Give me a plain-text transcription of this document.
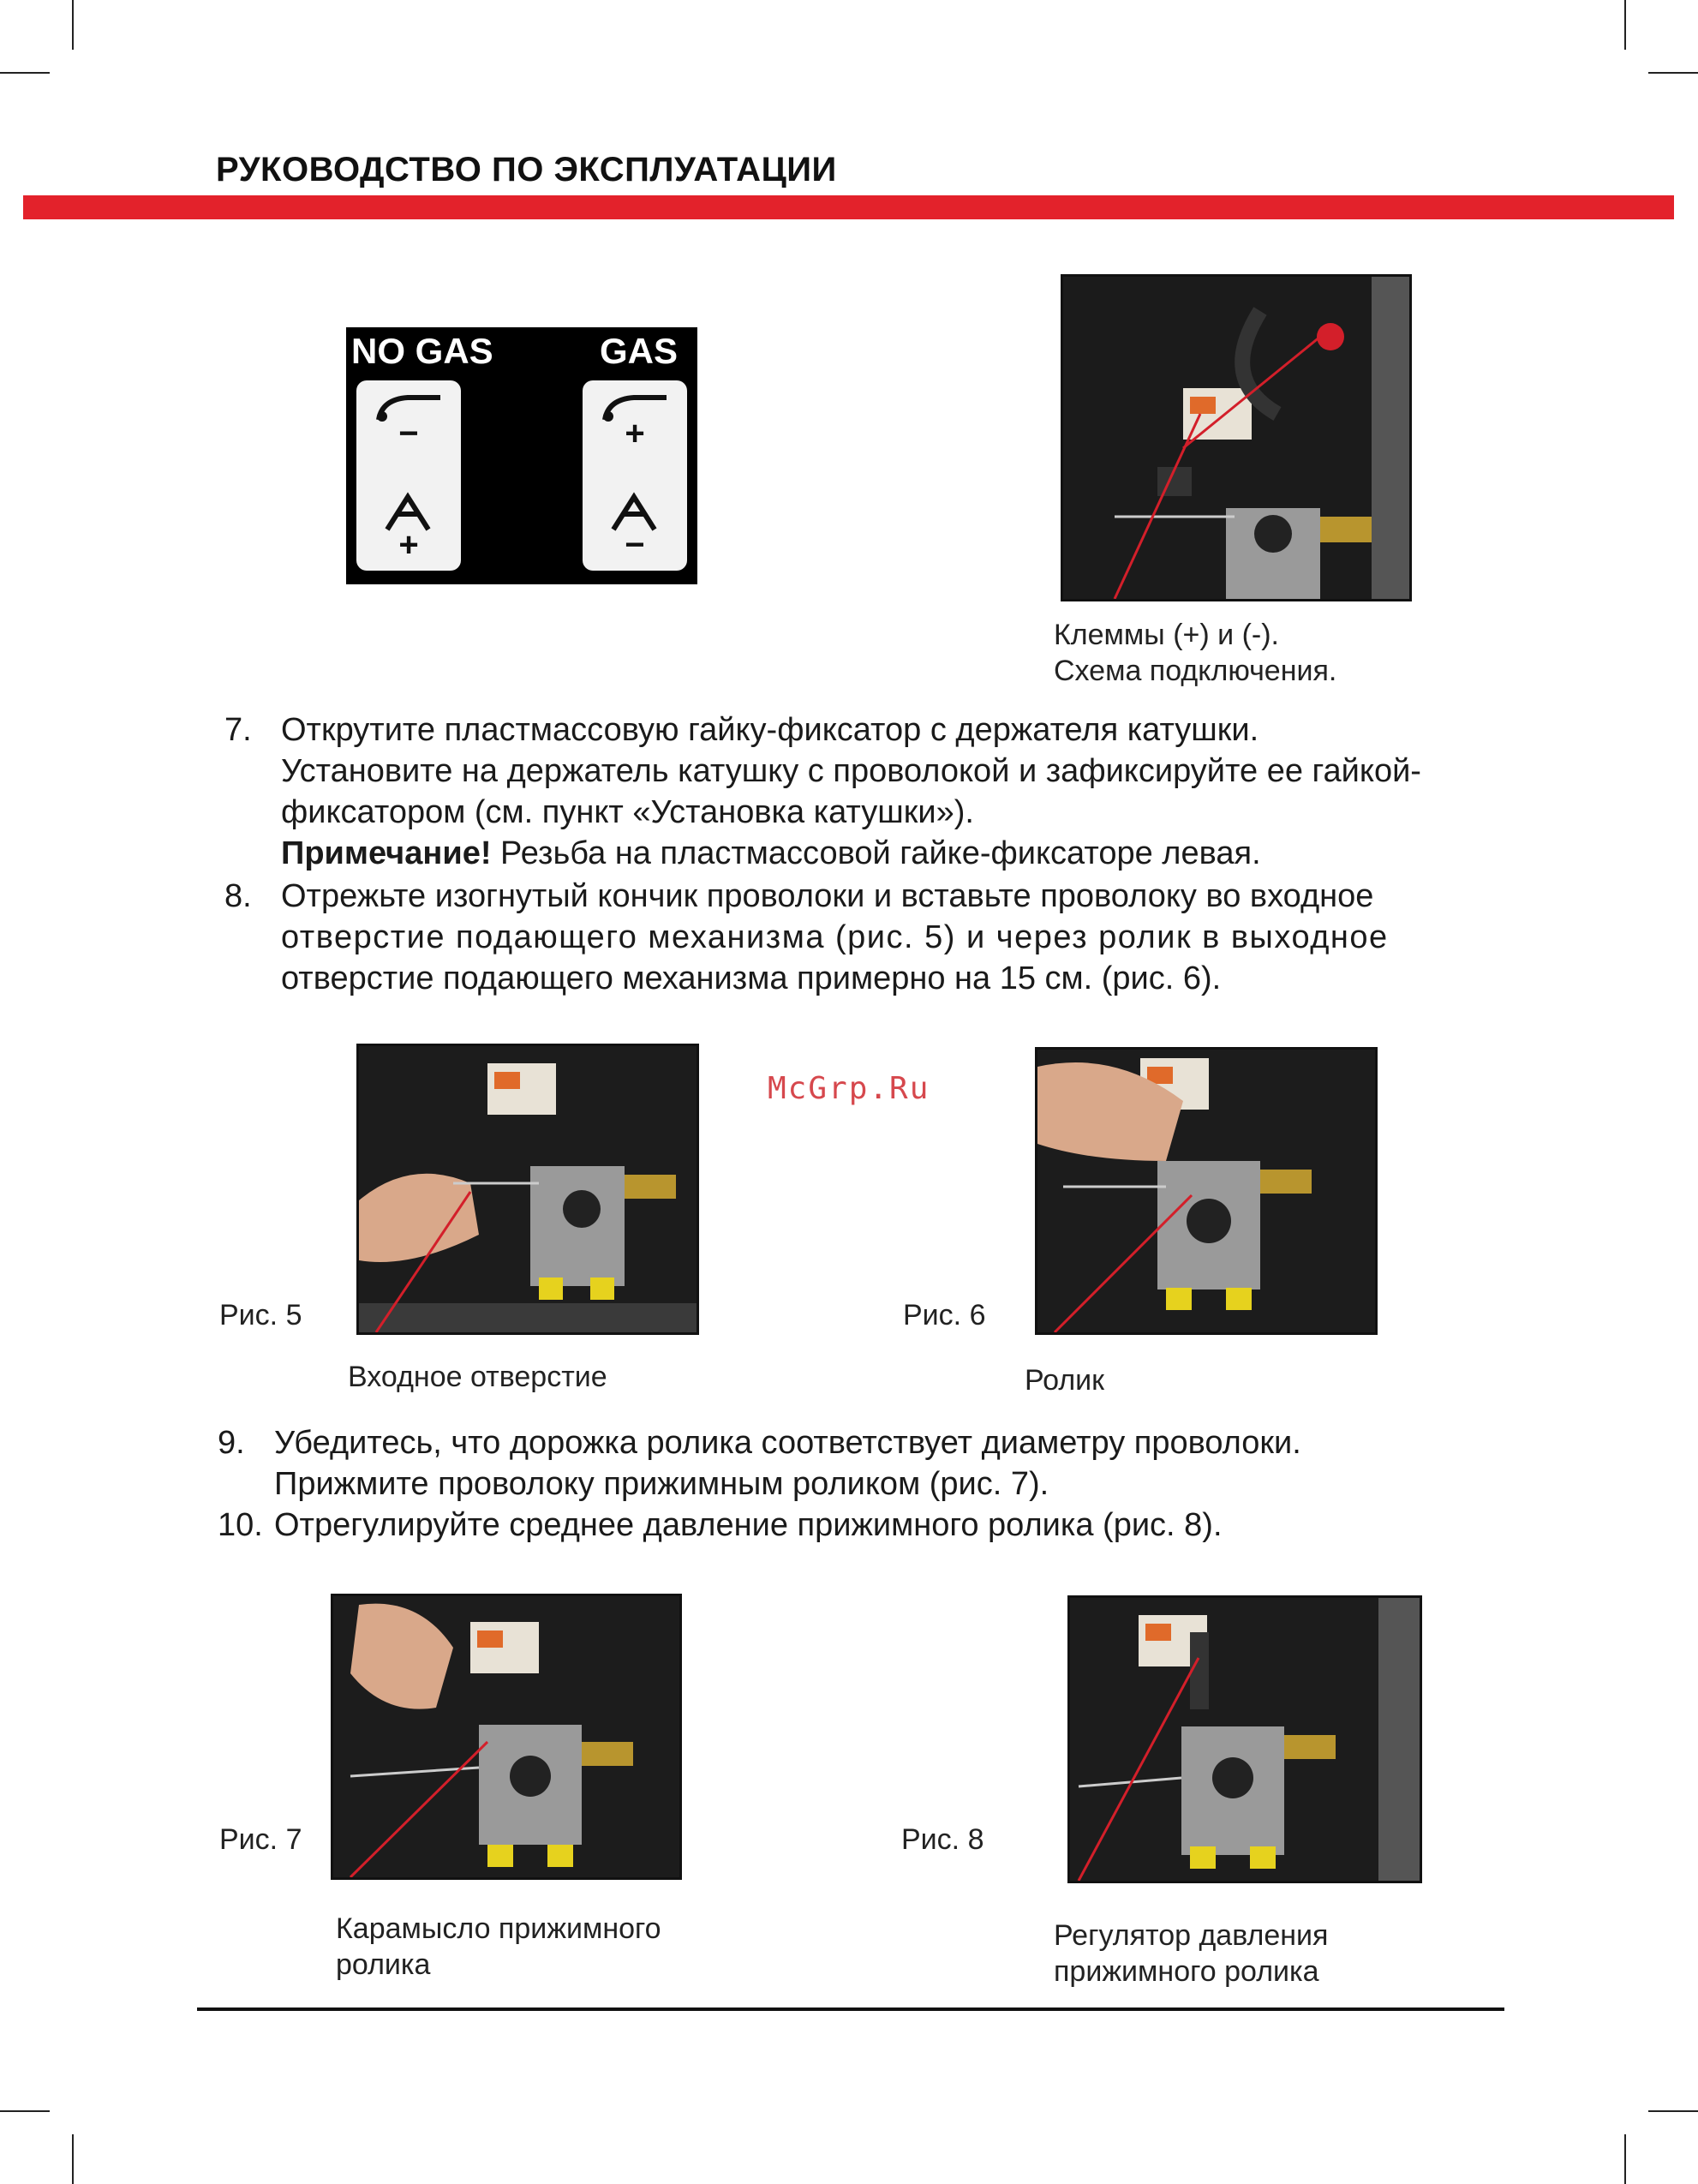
РУКОВОДСТВО ПО ЭКСПЛУАТАЦИИ
NO GAS	GAS
−
+
+
−
Клеммы (+) и (-).
Схема подключения.
7. Открутите пластмассовую гайку-фиксатор с держателя катушки.
Установите на держатель катушку с проволокой и зафиксируйте ее гайкой-
фиксатором (см. пункт «Установка катушки»).
Примечание! Резьба на пластмассовой гайке-фиксаторе левая.
8. Отрежьте изогнутый кончик проволоки и вставьте проволоку во входное
отверстие подающего механизма (рис. 5) и через ролик в выходное
отверстие подающего механизма примерно на 15 см. (рис. 6).
McGrp.Ru
Рис. 5
Входное отверстие
Рис. 6
Ролик
9. Убедитесь, что дорожка ролика соответствует диаметру проволоки.
Прижмите проволоку прижимным роликом (рис. 7).
10. Отрегулируйте среднее давление прижимного ролика (рис. 8).
Рис. 7
Карамысло прижимного
ролика
Рис. 8
Регулятор давления
прижимного ролика
